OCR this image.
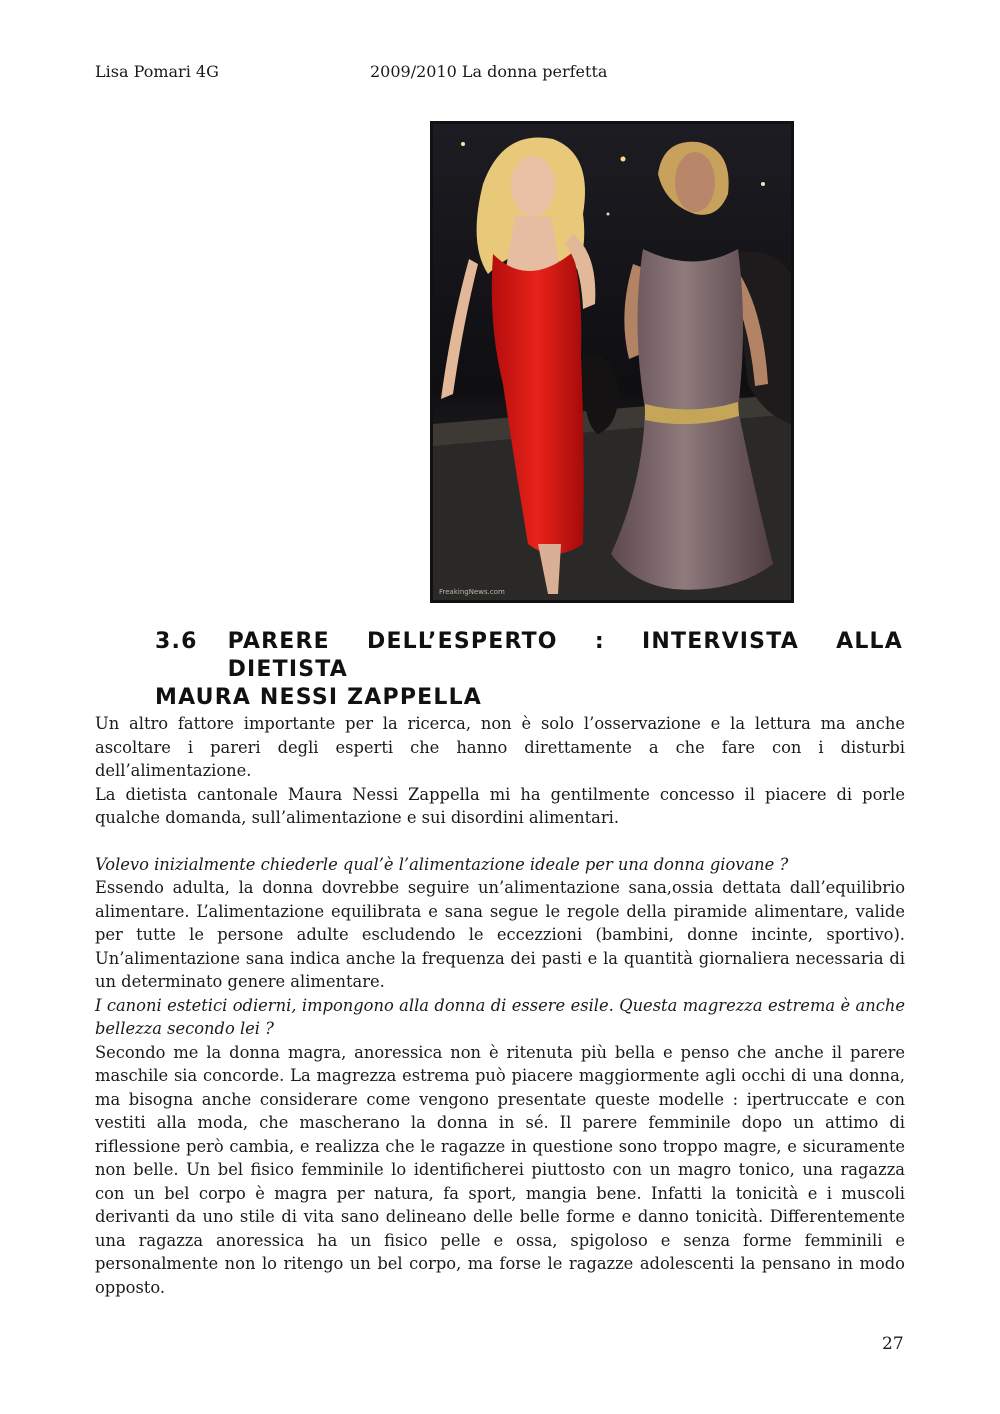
Lisa Pomari 4G	2009/2010 La donna perfetta
FreakingNews.com
3.6 PARERE DELL’ESPERTO : INTERVISTA ALLA DIETISTA
MAURA NESSI ZAPPELLA

Un altro fattore importante per la ricerca, non è solo l’osservazione e la lettura ma anche ascoltare i pareri degli esperti che hanno direttamente a che fare con i disturbi dell’alimentazione.

La dietista cantonale Maura Nessi Zappella mi ha gentilmente concesso il piacere di porle qualche domanda, sull’alimentazione e sui disordini alimentari.

Volevo inizialmente chiederle qual’è l’alimentazione ideale per una donna giovane ?

Essendo adulta, la donna dovrebbe seguire un’alimentazione sana,ossia dettata dall’equilibrio alimentare. L’alimentazione equilibrata e sana segue le regole della piramide alimentare, valide per tutte le persone adulte escludendo le eccezzioni (bambini, donne incinte, sportivo). Un’alimentazione sana indica anche la frequenza dei pasti e la quantità giornaliera necessaria di un determinato genere alimentare.

I canoni estetici odierni, impongono alla donna di essere esile. Questa magrezza estrema è anche bellezza secondo lei ?

Secondo me la donna magra, anoressica non è ritenuta più bella e penso che anche il parere maschile sia concorde. La magrezza estrema può piacere maggiormente agli occhi di una donna, ma bisogna anche considerare come vengono presentate queste modelle : ipertruccate e con vestiti alla moda, che mascherano la donna in sé. Il parere femminile dopo un attimo di riflessione però cambia, e realizza che le ragazze in questione sono troppo magre, e sicuramente non belle. Un bel fisico femminile lo identificherei piuttosto con un magro tonico, una ragazza con un bel corpo è magra per natura, fa sport, mangia bene. Infatti la tonicità e i muscoli derivanti da uno stile di vita sano delineano delle belle forme e danno tonicità. Differentemente una ragazza anoressica ha un fisico pelle e ossa, spigoloso e senza forme femminili e personalmente non lo ritengo un bel corpo, ma forse le ragazze adolescenti la pensano in modo opposto.

27
